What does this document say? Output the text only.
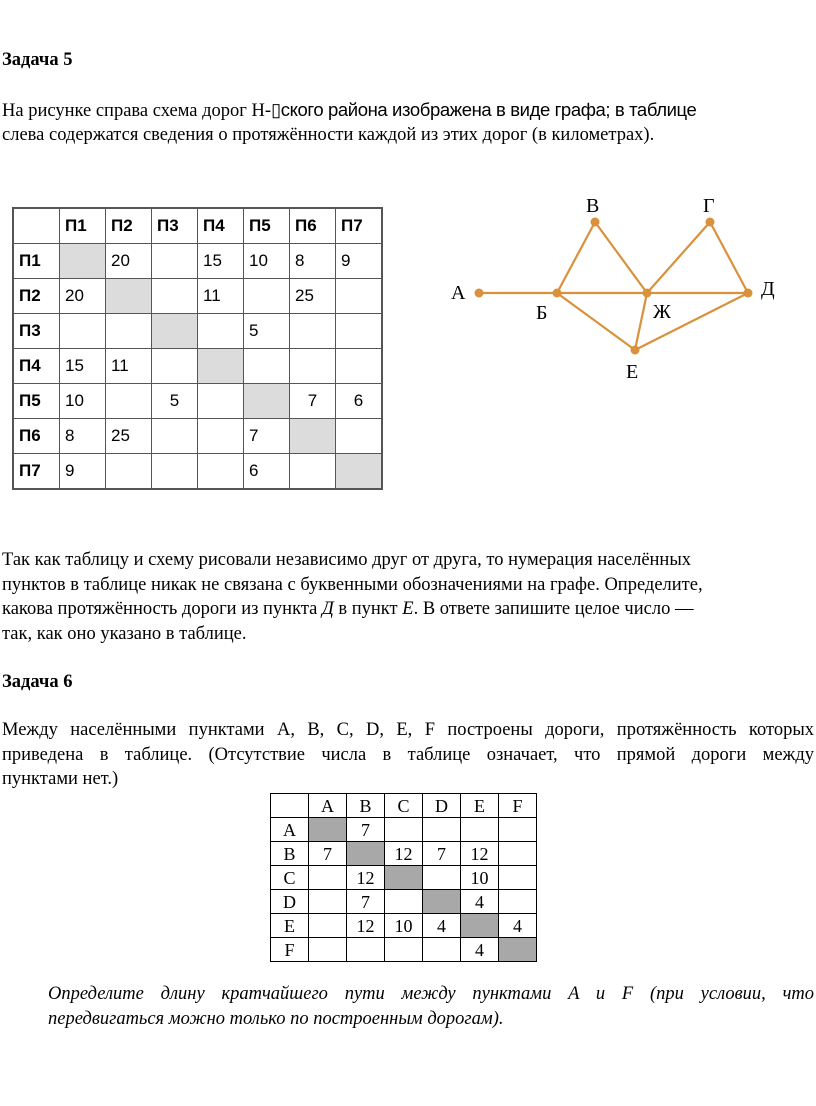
Задача 5

На рисунке справа схема дорог Н-▯ского района изображена в виде графа; в таблице

слева содержатся сведения о протяжённости каждой из этих дорог (в километрах).

	П1	П2	П3	П4	П5	П6	П7
П1		20		15	10	8	9
П2	20			11		25	
П3					5		
П4	15	11					
П5	10		5			7	6
П6	8	25			7		
П7	9				6		
А
Б
В	Г
Д
Е
Ж

Так как таблицу и схему рисовали независимо друг от друга, то нумерация населённых

пунктов в таблице никак не связана с буквенными обозначениями на графе. Определите,

какова протяжённость дороги из пункта Д в пункт Е. В ответе запишите целое число —

так, как оно указано в таблице.

Задача 6

Между населёнными пунктами A, B, C, D, E, F построены дороги, протяжённость которых

приведена в таблице. (Отсутствие числа в таблице означает, что прямой дороги между

пунктами нет.)

	A	B	C	D	E	F
A		7				
B	7		12	7	12	
C		12			10	
D		7			4	
E		12	10	4		4
F					4	

Определите длину кратчайшего пути между пунктами A и F (при условии, что

передвигаться можно только по построенным дорогам).
